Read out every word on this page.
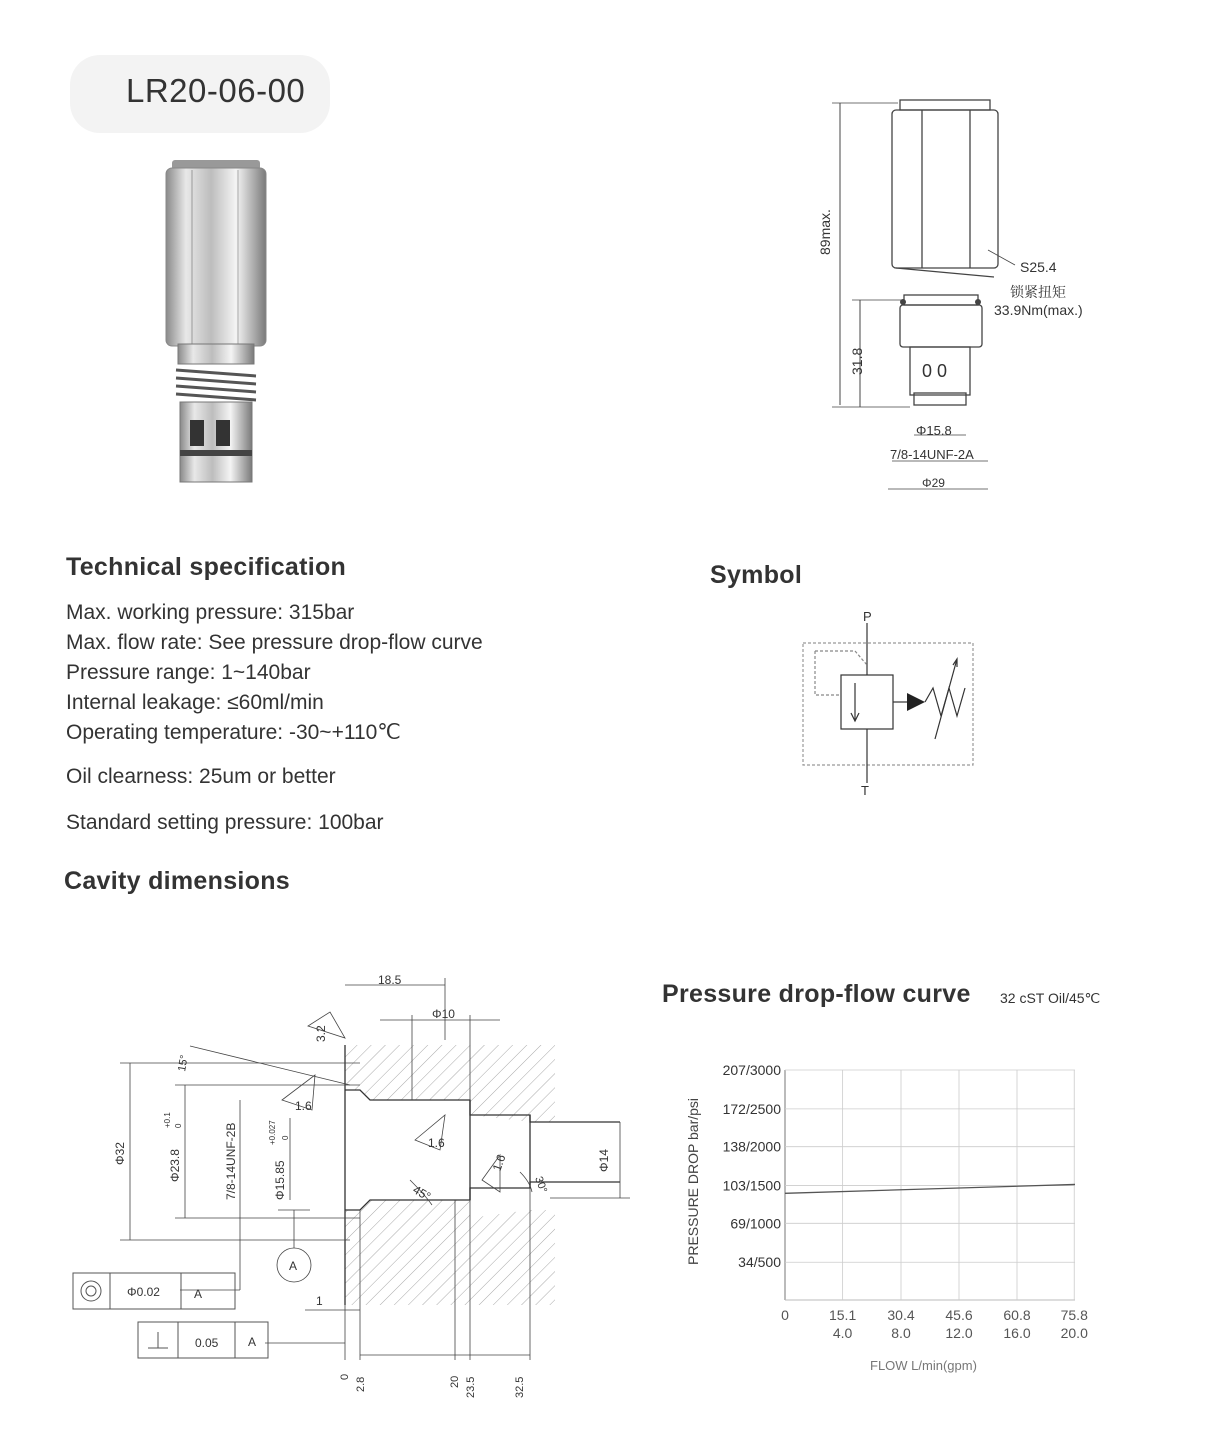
LR20-06-00
89max.
31.8
S25.4
锁紧扭矩
33.9Nm(max.)
0 0
Φ15.8
7/8-14UNF-2A
Φ29
Technical specification
Max. working pressure: 315bar
Max. flow rate: See pressure drop-flow curve
Pressure range: 1~140bar
Internal leakage: ≤60ml/min
Operating temperature: -30~+110℃
Oil clearness: 25um or better
Standard setting pressure: 100bar
Symbol
P
T
Cavity dimensions
18.5
Φ10
3.2
15°
1.6
1.6
1.6
45°	30°
Φ32	Φ23.8
+0.1 0	7/8-14UNF-2B	Φ15.85
+0.027 0
Φ14
A
Φ0.02	A
0.05 A
1
0 2.8	20 23.5	32.5
Pressure drop-flow curve 32 cST Oil/45℃
34/500
69/1000
103/1500
138/2000
172/2500
207/3000
0	15.1
4.0
30.4
8.0
45.6
12.0
60.8
16.0
75.8
20.0
PRESSURE DROP bar/psi
FLOW L/min(gpm)
